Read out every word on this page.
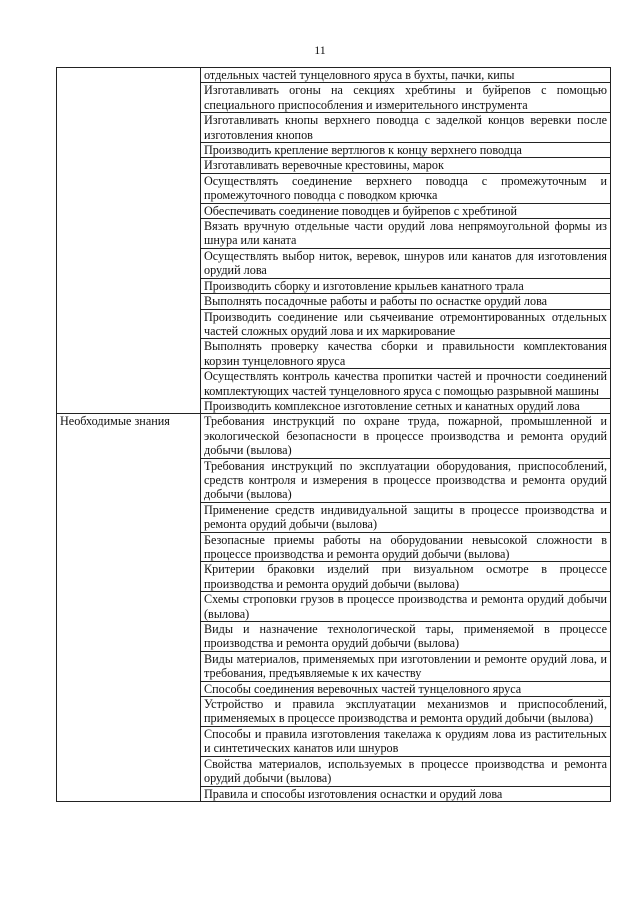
11
	отдельных частей тунцеловного яруса в бухты, пачки, кипы
	Изготавливать огоны на секциях хребтины и буйрепов с помощью специального приспособления и измерительного инструмента
	Изготавливать кнопы верхнего поводца с заделкой концов веревки после изготовления кнопов
	Производить крепление вертлюгов к концу верхнего поводца
	Изготавливать веревочные крестовины, марок
	Осуществлять соединение верхнего поводца с промежуточным и промежуточного поводца с поводком крючка
	Обеспечивать соединение поводцев и буйрепов с хребтиной
	Вязать вручную отдельные части орудий лова непрямоугольной формы из шнура или каната
	Осуществлять выбор ниток, веревок, шнуров или канатов для изготовления орудий лова
	Производить сборку и изготовление крыльев канатного трала
	Выполнять посадочные работы и работы по оснастке орудий лова
	Производить соединение или сьячеивание отремонтированных отдельных частей сложных орудий лова и их маркирование
	Выполнять проверку качества сборки и правильности комплектования корзин тунцеловного яруса
	Осуществлять контроль качества пропитки частей и прочности соединений комплектующих частей тунцеловного яруса с помощью разрывной машины
	Производить комплексное изготовление сетных и канатных орудий лова
Необходимые знания	Требования инструкций по охране труда, пожарной, промышленной и экологической безопасности в процессе производства и ремонта орудий добычи (вылова)
	Требования инструкций по эксплуатации оборудования, приспособлений, средств контроля и измерения в процессе производства и ремонта орудий добычи (вылова)
	Применение средств индивидуальной защиты в процессе производства и ремонта орудий добычи (вылова)
	Безопасные приемы работы на оборудовании невысокой сложности в процессе производства и ремонта орудий добычи (вылова)
	Критерии браковки изделий при визуальном осмотре в процессе производства и ремонта орудий добычи (вылова)
	Схемы строповки грузов в процессе производства и ремонта орудий добычи (вылова)
	Виды и назначение технологической тары, применяемой в процессе производства и ремонта орудий добычи (вылова)
	Виды материалов, применяемых при изготовлении и ремонте орудий лова, и требования, предъявляемые к их качеству
	Способы соединения веревочных частей тунцеловного яруса
	Устройство и правила эксплуатации механизмов и приспособлений, применяемых в процессе производства и ремонта орудий добычи (вылова)
	Способы и правила изготовления такелажа к орудиям лова из растительных и синтетических канатов или шнуров
	Свойства материалов, используемых в процессе производства и ремонта орудий добычи (вылова)
	Правила и способы изготовления оснастки и орудий лова
